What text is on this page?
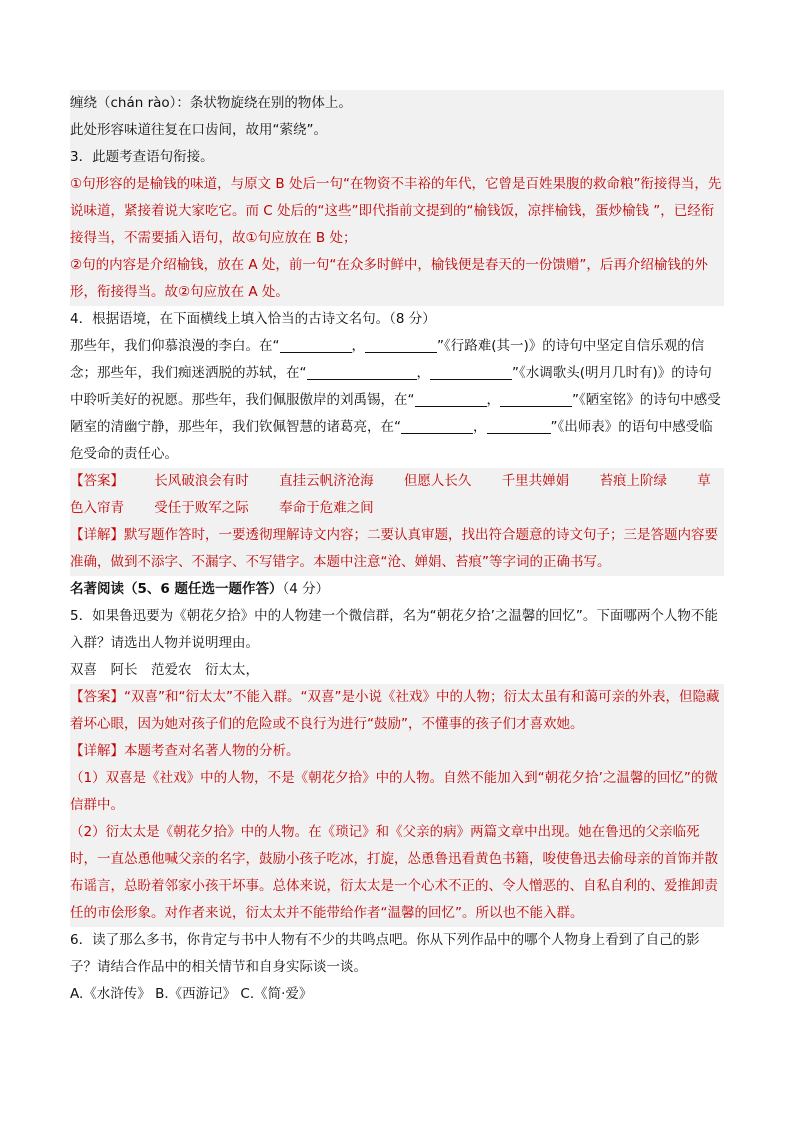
缠绕（chán rào）：条状物旋绕在别的物体上。
此处形容味道往复在口齿间，故用“萦绕”。
3．此题考查语句衔接。
①句形容的是榆钱的味道，与原文 B 处后一句“在物资不丰裕的年代，它曾是百姓果腹的救命粮”衔接得当，先说味道，紧接着说大家吃它。而 C 处后的“这些”即代指前文提到的“榆钱饭，凉拌榆钱，蛋炒榆钱 ”，已经衔接得当，不需要插入语句，故①句应放在 B 处；
②句的内容是介绍榆钱，放在 A 处，前一句“在众多时鲜中，榆钱便是春天的一份馈赠”，后再介绍榆钱的外形，衔接得当。故②句应放在 A 处。
4．根据语境，在下面横线上填入恰当的古诗文名句。（8 分）
那些年，我们仰慕浪漫的李白。在“	，	”《行路难(其一)》的诗句中坚定自信乐观的信念；那些年，我们痴迷洒脱的苏轼，在“	，	”《水调歌头(明月几时有)》的诗句中聆听美好的祝愿。那些年，我们佩服傲岸的刘禹锡，在“	，	”《陋室铭》的诗句中感受陋室的清幽宁静，那些年，我们钦佩智慧的诸葛亮，在“	，	”《出师表》的语句中感受临危受命的责任心。
【答案】 长风破浪会有时 直挂云帆济沧海 但愿人长久 千里共婵娟 苔痕上阶绿 草色入帘青 受任于败军之际 奉命于危难之间
【详解】默写题作答时，一要透彻理解诗文内容；二要认真审题，找出符合题意的诗文句子；三是答题内容要准确，做到不添字、不漏字、不写错字。本题中注意“沧、婵娟、苔痕”等字词的正确书写。
名著阅读（5、6 题任选一题作答）（4 分）
5．如果鲁迅要为《朝花夕拾》中的人物建一个微信群，名为“朝花夕拾’之温馨的回忆”。下面哪两个人物不能入群？请选出人物并说明理由。
双喜　阿长　范爱农　衍太太，
【答案】“双喜”和“衍太太”不能入群。“双喜”是小说《社戏》中的人物；衍太太虽有和蔼可亲的外表，但隐藏着坏心眼，因为她对孩子们的危险或不良行为进行“鼓励”，不懂事的孩子们才喜欢她。
【详解】本题考查对名著人物的分析。
（1）双喜是《社戏》中的人物，不是《朝花夕拾》中的人物。自然不能加入到“朝花夕拾’之温馨的回忆”的微信群中。
（2）衍太太是《朝花夕拾》中的人物。在《琐记》和《父亲的病》两篇文章中出现。她在鲁迅的父亲临死时，一直怂恿他喊父亲的名字，鼓励小孩子吃冰，打旋，怂恿鲁迅看黄色书籍，唆使鲁迅去偷母亲的首饰并散布谣言，总盼着邻家小孩干坏事。总体来说，衍太太是一个心术不正的、令人憎恶的、自私自利的、爱推卸责任的市侩形象。对作者来说，衍太太并不能带给作者“温馨的回忆”。所以也不能入群。
6．读了那么多书，你肯定与书中人物有不少的共鸣点吧。你从下列作品中的哪个人物身上看到了自己的影子？请结合作品中的相关情节和自身实际谈一谈。
A.《水浒传》 B.《西游记》 C.《简·爱》
